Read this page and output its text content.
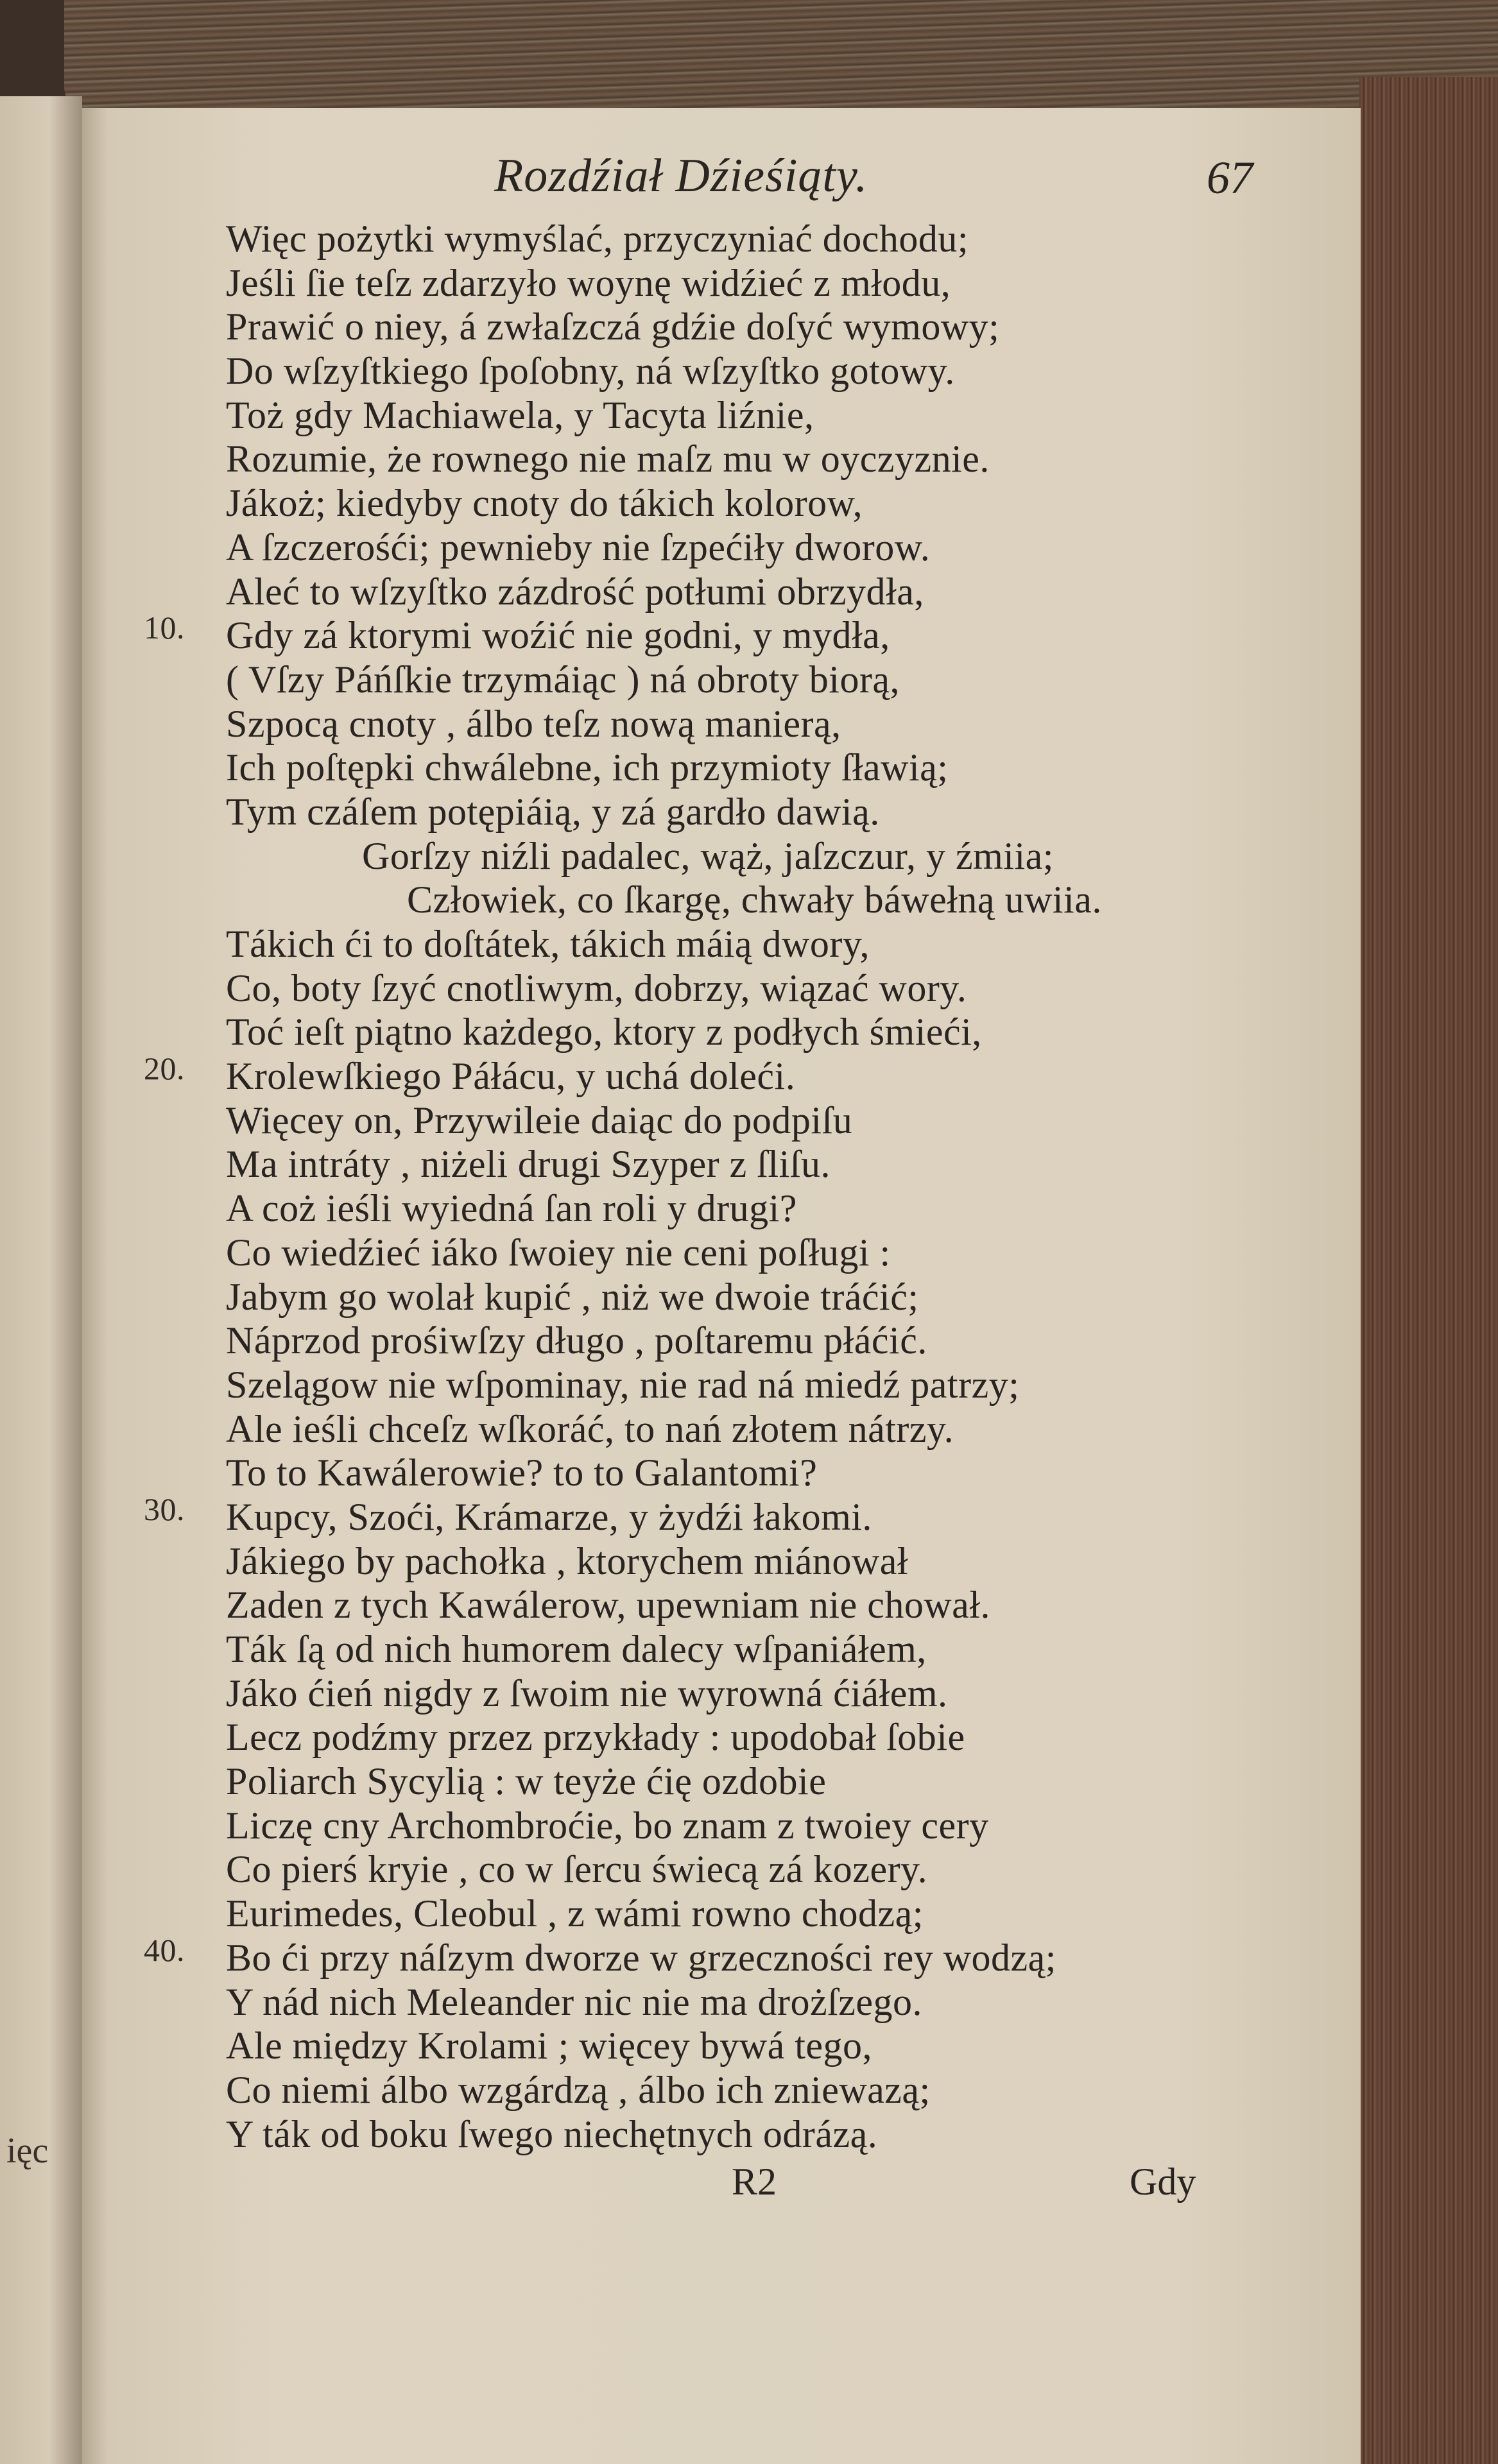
ięc
Rozdźiał Dźieśiąty.	67
Więc pożytki wymyślać, przyczyniać dochodu;
Jeśli ſie teſz zdarzyło woynę widźieć z młodu,
Prawić o niey, á zwłaſzczá gdźie doſyć wymowy;
Do wſzyſtkiego ſpoſobny, ná wſzyſtko gotowy.
Toż gdy Machiawela, y Tacyta liźnie,
Rozumie, że rownego nie maſz mu w oyczyznie.
Jákoż; kiedyby cnoty do tákich kolorow,
A ſzczerośći; pewnieby nie ſzpećiły dworow.
Aleć to wſzyſtko zázdrość potłumi obrzydła,
10. Gdy zá ktorymi woźić nie godni, y mydła,
( Vſzy Páńſkie trzymáiąc ) ná obroty biorą,
Szpocą cnoty , álbo teſz nową manierą,
Ich poſtępki chwálebne, ich przymioty ſławią;
Tym czáſem potępiáią, y zá gardło dawią.
Gorſzy niźli padalec, wąż, jaſzczur, y źmiia;
Człowiek, co ſkargę, chwały báwełną uwiia.
Tákich ći to doſtátek, tákich máią dwory,
Co, boty ſzyć cnotliwym, dobrzy, wiązać wory.
Toć ieſt piątno każdego, ktory z podłych śmieći,
20. Krolewſkiego Páłácu, y uchá doleći.
Więcey on, Przywileie daiąc do podpiſu
Ma intráty , niżeli drugi Szyper z ſliſu.
A coż ieśli wyiedná ſan roli y drugi?
Co wiedźieć iáko ſwoiey nie ceni poſługi :
Jabym go wolał kupić , niż we dwoie tráćić;
Náprzod prośiwſzy długo , poſtaremu płáćić.
Szelągow nie wſpominay, nie rad ná miedź patrzy;
Ale ieśli chceſz wſkoráć, to nań złotem nátrzy.
To to Kawálerowie? to to Galantomi?
30. Kupcy, Szoći, Krámarze, y żydźi łakomi.
Jákiego by pachołka , ktorychem miánował
Zaden z tych Kawálerow, upewniam nie chował.
Ták ſą od nich humorem dalecy wſpaniáłem,
Jáko ćień nigdy z ſwoim nie wyrowná ćiáłem.
Lecz podźmy przez przykłady : upodobał ſobie
Poliarch Sycylią : w teyże ćię ozdobie
Liczę cny Archombroćie, bo znam z twoiey cery
Co pierś kryie , co w ſercu świecą zá kozery.
Eurimedes, Cleobul , z wámi rowno chodzą;
40. Bo ći przy náſzym dworze w grzeczności rey wodzą;
Y nád nich Meleander nic nie ma drożſzego.
Ale między Krolami ; więcey bywá tego,
Co niemi álbo wzgárdzą , álbo ich zniewazą;
Y ták od boku ſwego niechętnych odrázą.
R2	Gdy
